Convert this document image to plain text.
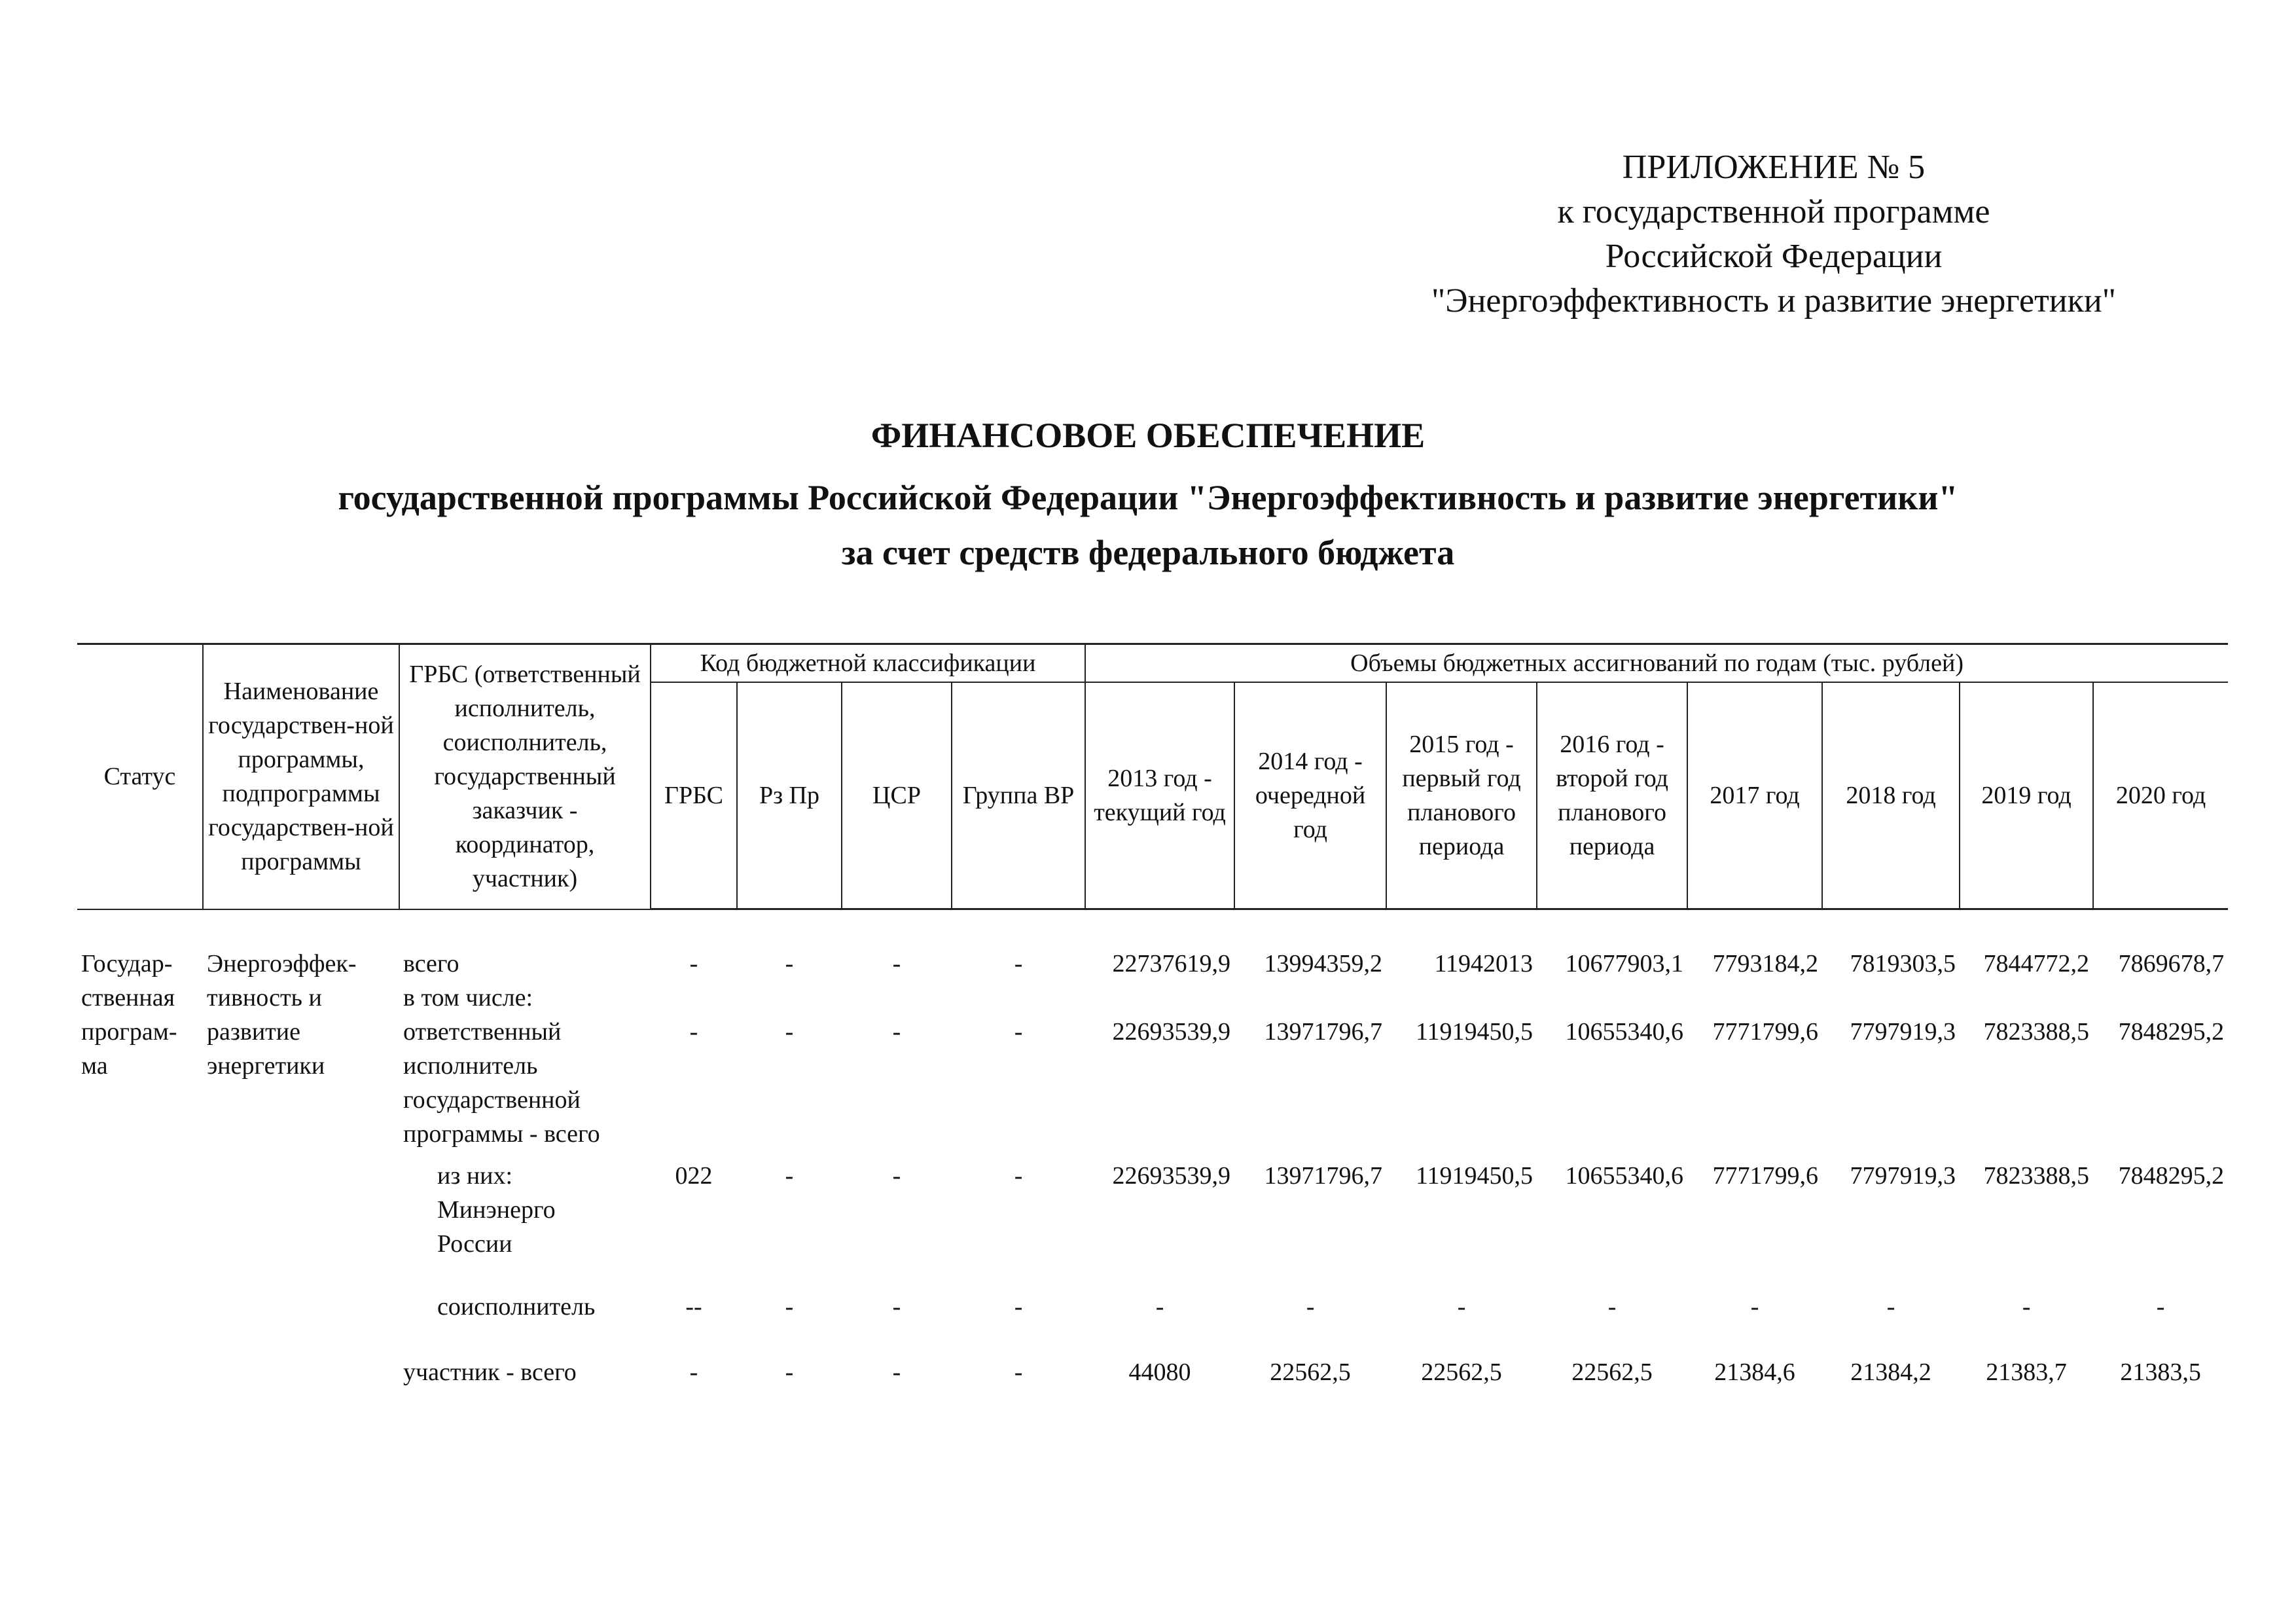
ПРИЛОЖЕНИЕ № 5
к государственной программе
Российской Федерации
"Энергоэффективность и развитие энергетики"
ФИНАНСОВОЕ ОБЕСПЕЧЕНИЕ
государственной программы Российской Федерации "Энергоэффективность и развитие энергетики"
за счет средств федерального бюджета
Статус	Наименование государствен-ной программы, подпрограммы государствен-ной программы	ГРБС (ответственный исполнитель, соисполнитель, государственный заказчик - координатор, участник)	Код бюджетной классификации				Объемы бюджетных ассигнований по годам (тыс. рублей)							
			ГРБС	Рз Пр	ЦСР	Группа ВР	2013 год - текущий год	2014 год - очередной год	2015 год - первый год планового периода	2016 год - второй год планового периода	2017 год	2018 год	2019 год	2020 год
Государ-
ственная
програм-
ма	Энергоэффек-
тивность и
развитие
энергетики	всего	-	-	-	-	22737619,9	13994359,2	11942013	10677903,1	7793184,2	7819303,5	7844772,2	7869678,7
		в том числе:
ответственный
исполнитель
государственной
программы - всего	-	-	-	-	22693539,9	13971796,7	11919450,5	10655340,6	7771799,6	7797919,3	7823388,5	7848295,2
		из них:
Минэнерго
России	022	-	-	-	22693539,9	13971796,7	11919450,5	10655340,6	7771799,6	7797919,3	7823388,5	7848295,2
		соисполнитель	--	-	-	-	-	-	-	-	-	-	-	-
		участник - всего	-	-	-	-	44080	22562,5	22562,5	22562,5	21384,6	21384,2	21383,7	21383,5
